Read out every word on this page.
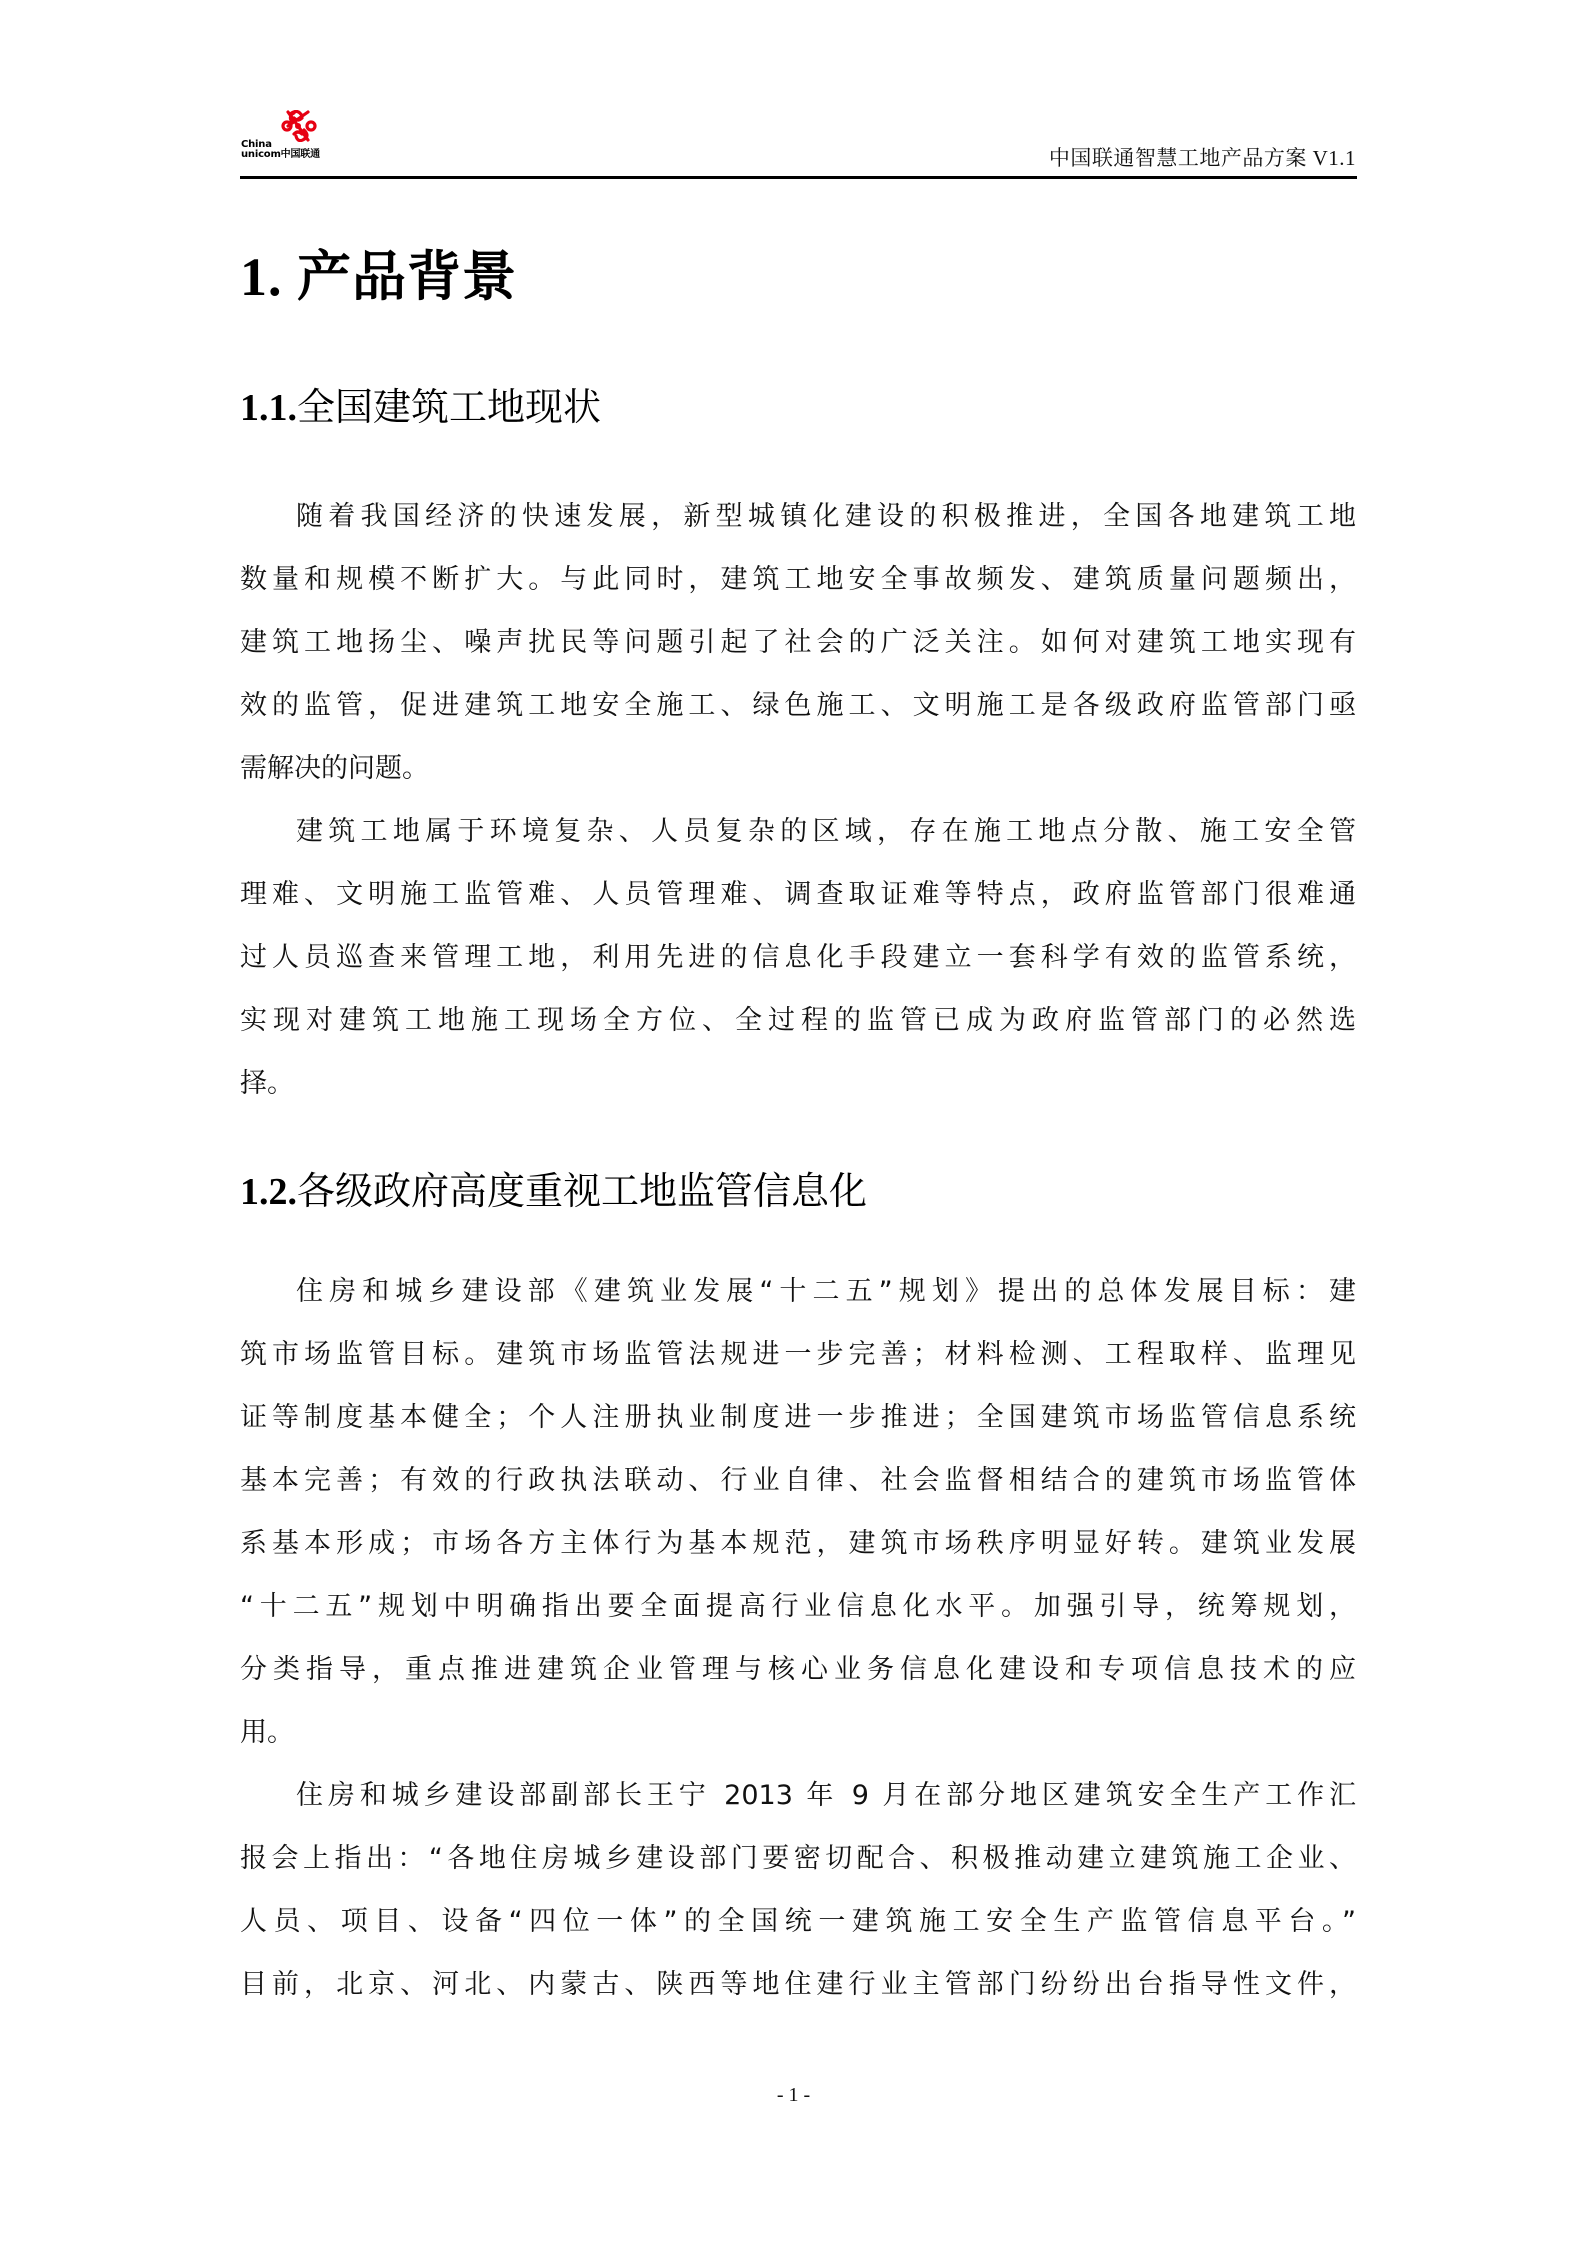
China
unicom中国联通	中国联通智慧工地产品方案 V1.1
1. 产品背景
1.1.全国建筑工地现状
随着我国经济的快速发展，新型城镇化建设的积极推进，全国各地建筑工地
数量和规模不断扩大。与此同时，建筑工地安全事故频发、建筑质量问题频出，
建筑工地扬尘、噪声扰民等问题引起了社会的广泛关注。如何对建筑工地实现有
效的监管，促进建筑工地安全施工、绿色施工、文明施工是各级政府监管部门亟
需解决的问题。
建筑工地属于环境复杂、人员复杂的区域，存在施工地点分散、施工安全管
理难、文明施工监管难、人员管理难、调查取证难等特点，政府监管部门很难通
过人员巡查来管理工地，利用先进的信息化手段建立一套科学有效的监管系统，
实现对建筑工地施工现场全方位、全过程的监管已成为政府监管部门的必然选
择。
1.2.各级政府高度重视工地监管信息化
住房和城乡建设部《建筑业发展“十二五”规划》提出的总体发展目标：建
筑市场监管目标。建筑市场监管法规进一步完善；材料检测、工程取样、监理见
证等制度基本健全；个人注册执业制度进一步推进；全国建筑市场监管信息系统
基本完善；有效的行政执法联动、行业自律、社会监督相结合的建筑市场监管体
系基本形成；市场各方主体行为基本规范，建筑市场秩序明显好转。建筑业发展
“十二五”规划中明确指出要全面提高行业信息化水平。加强引导，统筹规划，
分类指导，重点推进建筑企业管理与核心业务信息化建设和专项信息技术的应
用。
住房和城乡建设部副部长王宁 2013 年 9 月在部分地区建筑安全生产工作汇
报会上指出：“各地住房城乡建设部门要密切配合、积极推动建立建筑施工企业、
人员、项目、设备“四位一体”的全国统一建筑施工安全生产监管信息平台。”
目前，北京、河北、内蒙古、陕西等地住建行业主管部门纷纷出台指导性文件，
- 1 -
